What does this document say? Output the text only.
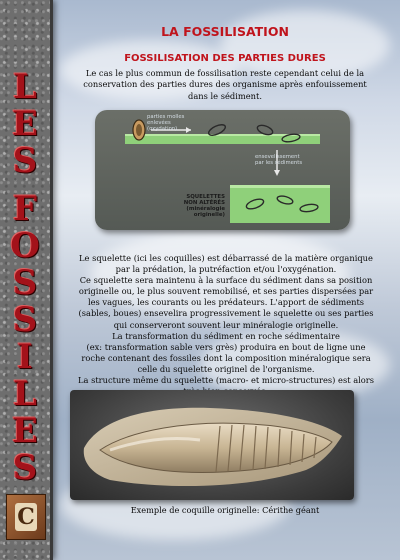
L
E
S
F
O
S
S
I
L
E
S
C
LA FOSSILISATION
FOSSILISATION DES PARTIES DURES
Le cas le plus commun de fossilisation reste cependant celui de la
conservation des parties dures des organisme après enfouissement
dans le sédiment.
parties molles
enlevées
(oxydation)
ensevelissement
par les sédiments
SQUELETTES
NON ALTÉRÉS
(minéralogie
originelle)
Le squelette (ici les coquilles) est débarrassé de la matière organique
par la prédation, la putréfaction et/ou l'oxygénation.
Ce squelette sera maintenu à la surface du sédiment dans sa position
originelle ou, le plus souvent remobilisé, et ses parties dispersées par
les vagues, les courants ou les prédateurs. L'apport de sédiments
(sables, boues) ensevelira progressivement le squelette ou ses parties
qui conserveront souvent leur minéralogie originelle.
La transformation du sédiment en roche sédimentaire
(ex: transformation sable vers grès) produira en bout de ligne une
roche contenant des fossiles dont la composition minéralogique sera
celle du squelette originel de l'organisme.
La structure même du squelette (macro- et micro-structures) est alors
Exemple de coquille originelle: Cérithe géant
